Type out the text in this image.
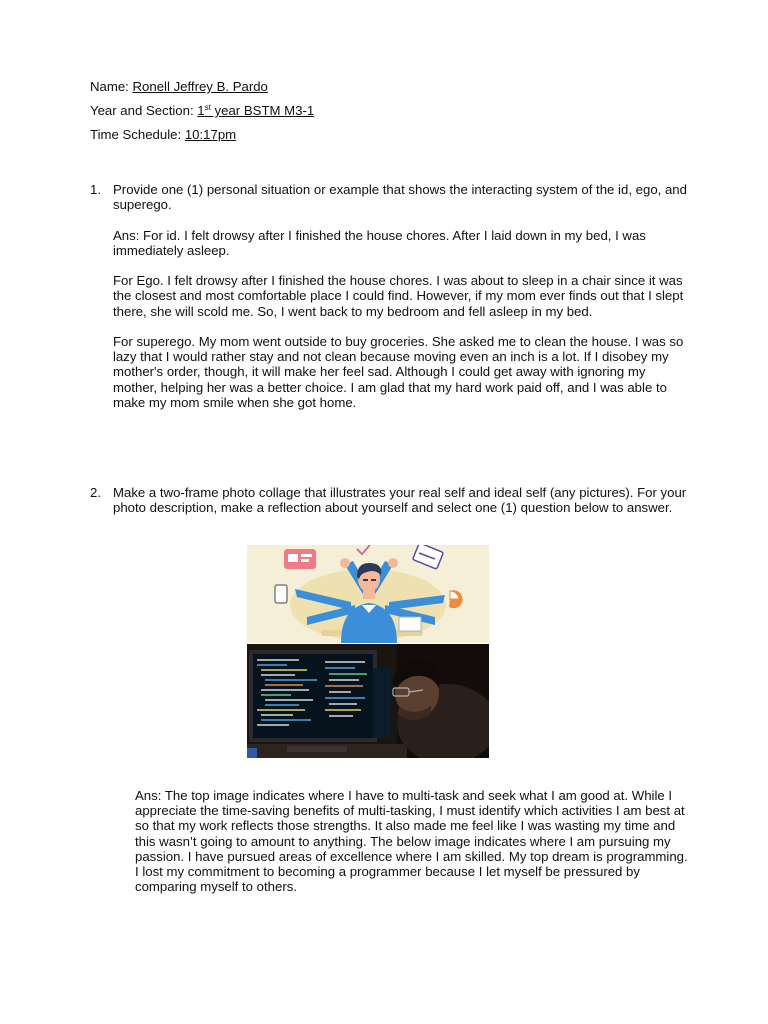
Name: Ronell Jeffrey B. Pardo
Year and Section: 1st year BSTM M3-1
Time Schedule: 10:17pm
1. Provide one (1) personal situation or example that shows the interacting system of the id, ego, and superego.

Ans: For id. I felt drowsy after I finished the house chores. After I laid down in my bed, I was immediately asleep.

For Ego. I felt drowsy after I finished the house chores. I was about to sleep in a chair since it was the closest and most comfortable place I could find. However, if my mom ever finds out that I slept there, she will scold me. So, I went back to my bedroom and fell asleep in my bed.

For superego. My mom went outside to buy groceries. She asked me to clean the house. I was so lazy that I would rather stay and not clean because moving even an inch is a lot. If I disobey my mother's order, though, it will make her feel sad. Although I could get away with ignoring my mother, helping her was a better choice. I am glad that my hard work paid off, and I was able to make my mom smile when she got home.

2. Make a two-frame photo collage that illustrates your real self and ideal self (any pictures). For your photo description, make a reflection about yourself and select one (1) question below to answer.

Ans: The top image indicates where I have to multi-task and seek what I am good at. While I appreciate the time-saving benefits of multi-tasking, I must identify which activities I am best at so that my work reflects those strengths. It also made me feel like I was wasting my time and this wasn’t going to amount to anything. The below image indicates where I am pursuing my passion. I have pursued areas of excellence where I am skilled. My top dream is programming. I lost my commitment to becoming a programmer because I let myself be pressured by comparing myself to others.
